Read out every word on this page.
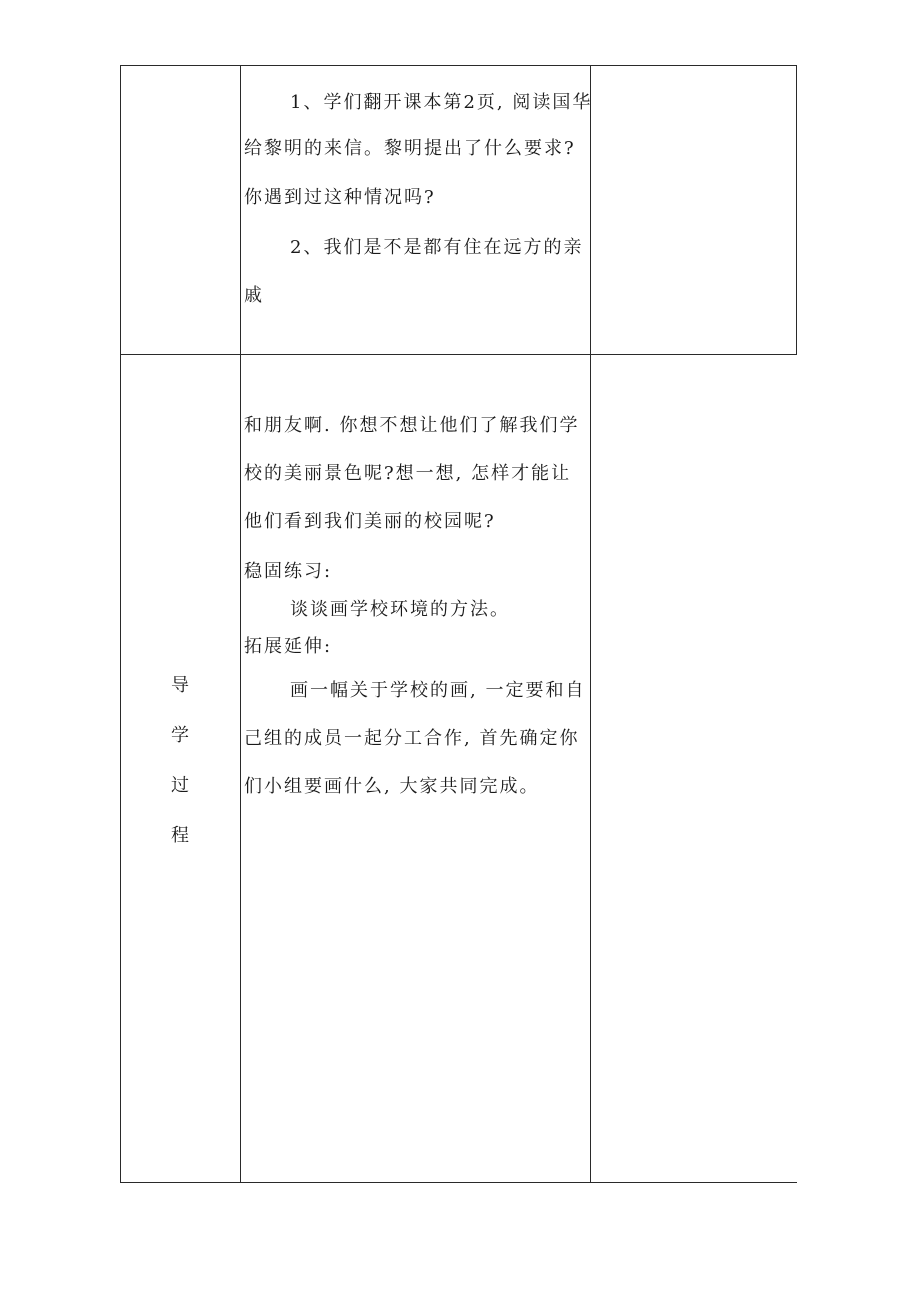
1、学们翻开课本第2页, 阅读国华
给黎明的来信。黎明提出了什么要求?
你遇到过这种情况吗?
2、我们是不是都有住在远方的亲
戚
导
学
过
程
和朋友啊. 你想不想让他们了解我们学
校的美丽景色呢?想一想, 怎样才能让
他们看到我们美丽的校园呢?
稳固练习:
谈谈画学校环境的方法。
拓展延伸:
画一幅关于学校的画, 一定要和自
己组的成员一起分工合作, 首先确定你
们小组要画什么, 大家共同完成。
